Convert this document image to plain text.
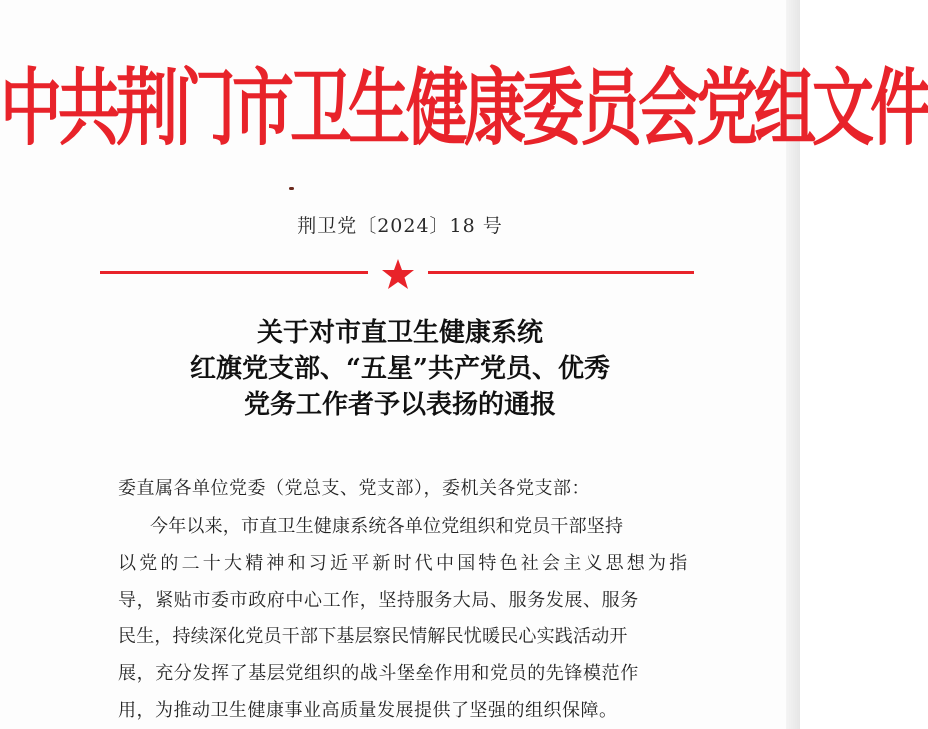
中共荆门市卫生健康委员会党组文件
荆卫党〔2024〕18 号
关于对市直卫生健康系统
红旗党支部、“五星”共产党员、优秀
党务工作者予以表扬的通报
委直属各单位党委（党总支、党支部），委机关各党支部：
今年以来，市直卫生健康系统各单位党组织和党员干部坚持
以党的二十大精神和习近平新时代中国特色社会主义思想为指
导，紧贴市委市政府中心工作，坚持服务大局、服务发展、服务
民生，持续深化党员干部下基层察民情解民忧暖民心实践活动开
展，充分发挥了基层党组织的战斗堡垒作用和党员的先锋模范作
用，为推动卫生健康事业高质量发展提供了坚强的组织保障。
